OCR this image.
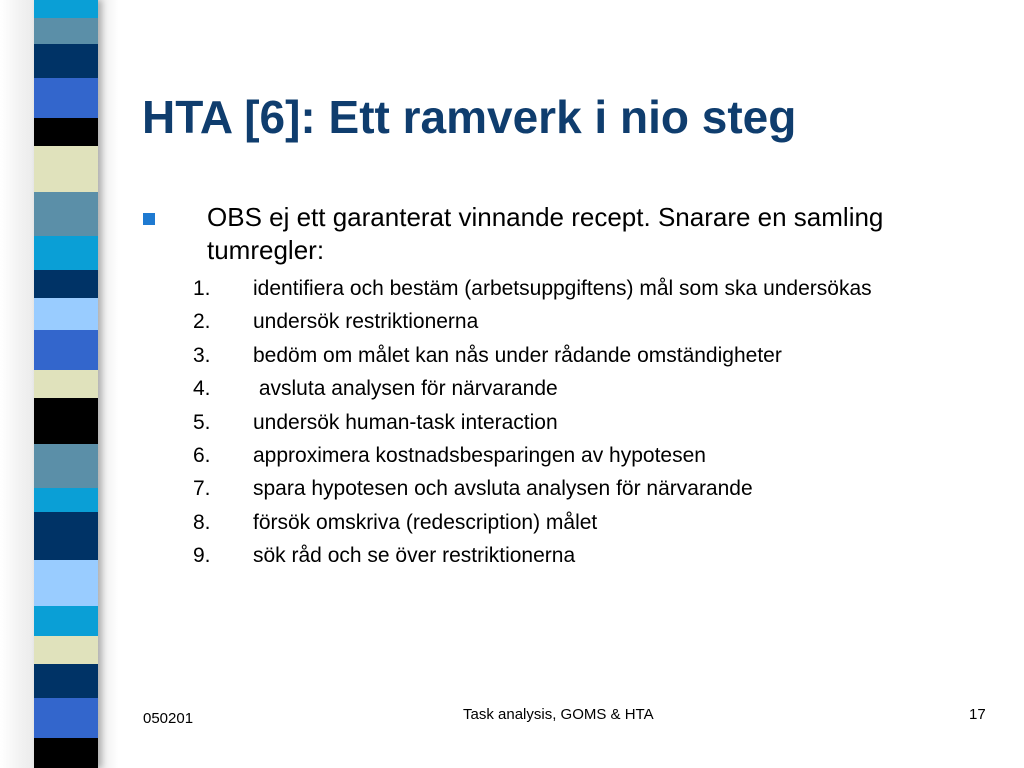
HTA [6]: Ett ramverk i nio steg
OBS ej ett garanterat vinnande recept. Snarare en samling tumregler:
1. identifiera och bestäm (arbetsuppgiftens) mål som ska undersökas
2. undersök restriktionerna
3. bedöm om målet kan nås under rådande omständigheter
4. avsluta analysen för närvarande
5. undersök human-task interaction
6. approximera kostnadsbesparingen av hypotesen
7. spara hypotesen och avsluta analysen för närvarande
8. försök omskriva (redescription) målet
9. sök råd och se över restriktionerna
050201	Task analysis, GOMS & HTA	17
